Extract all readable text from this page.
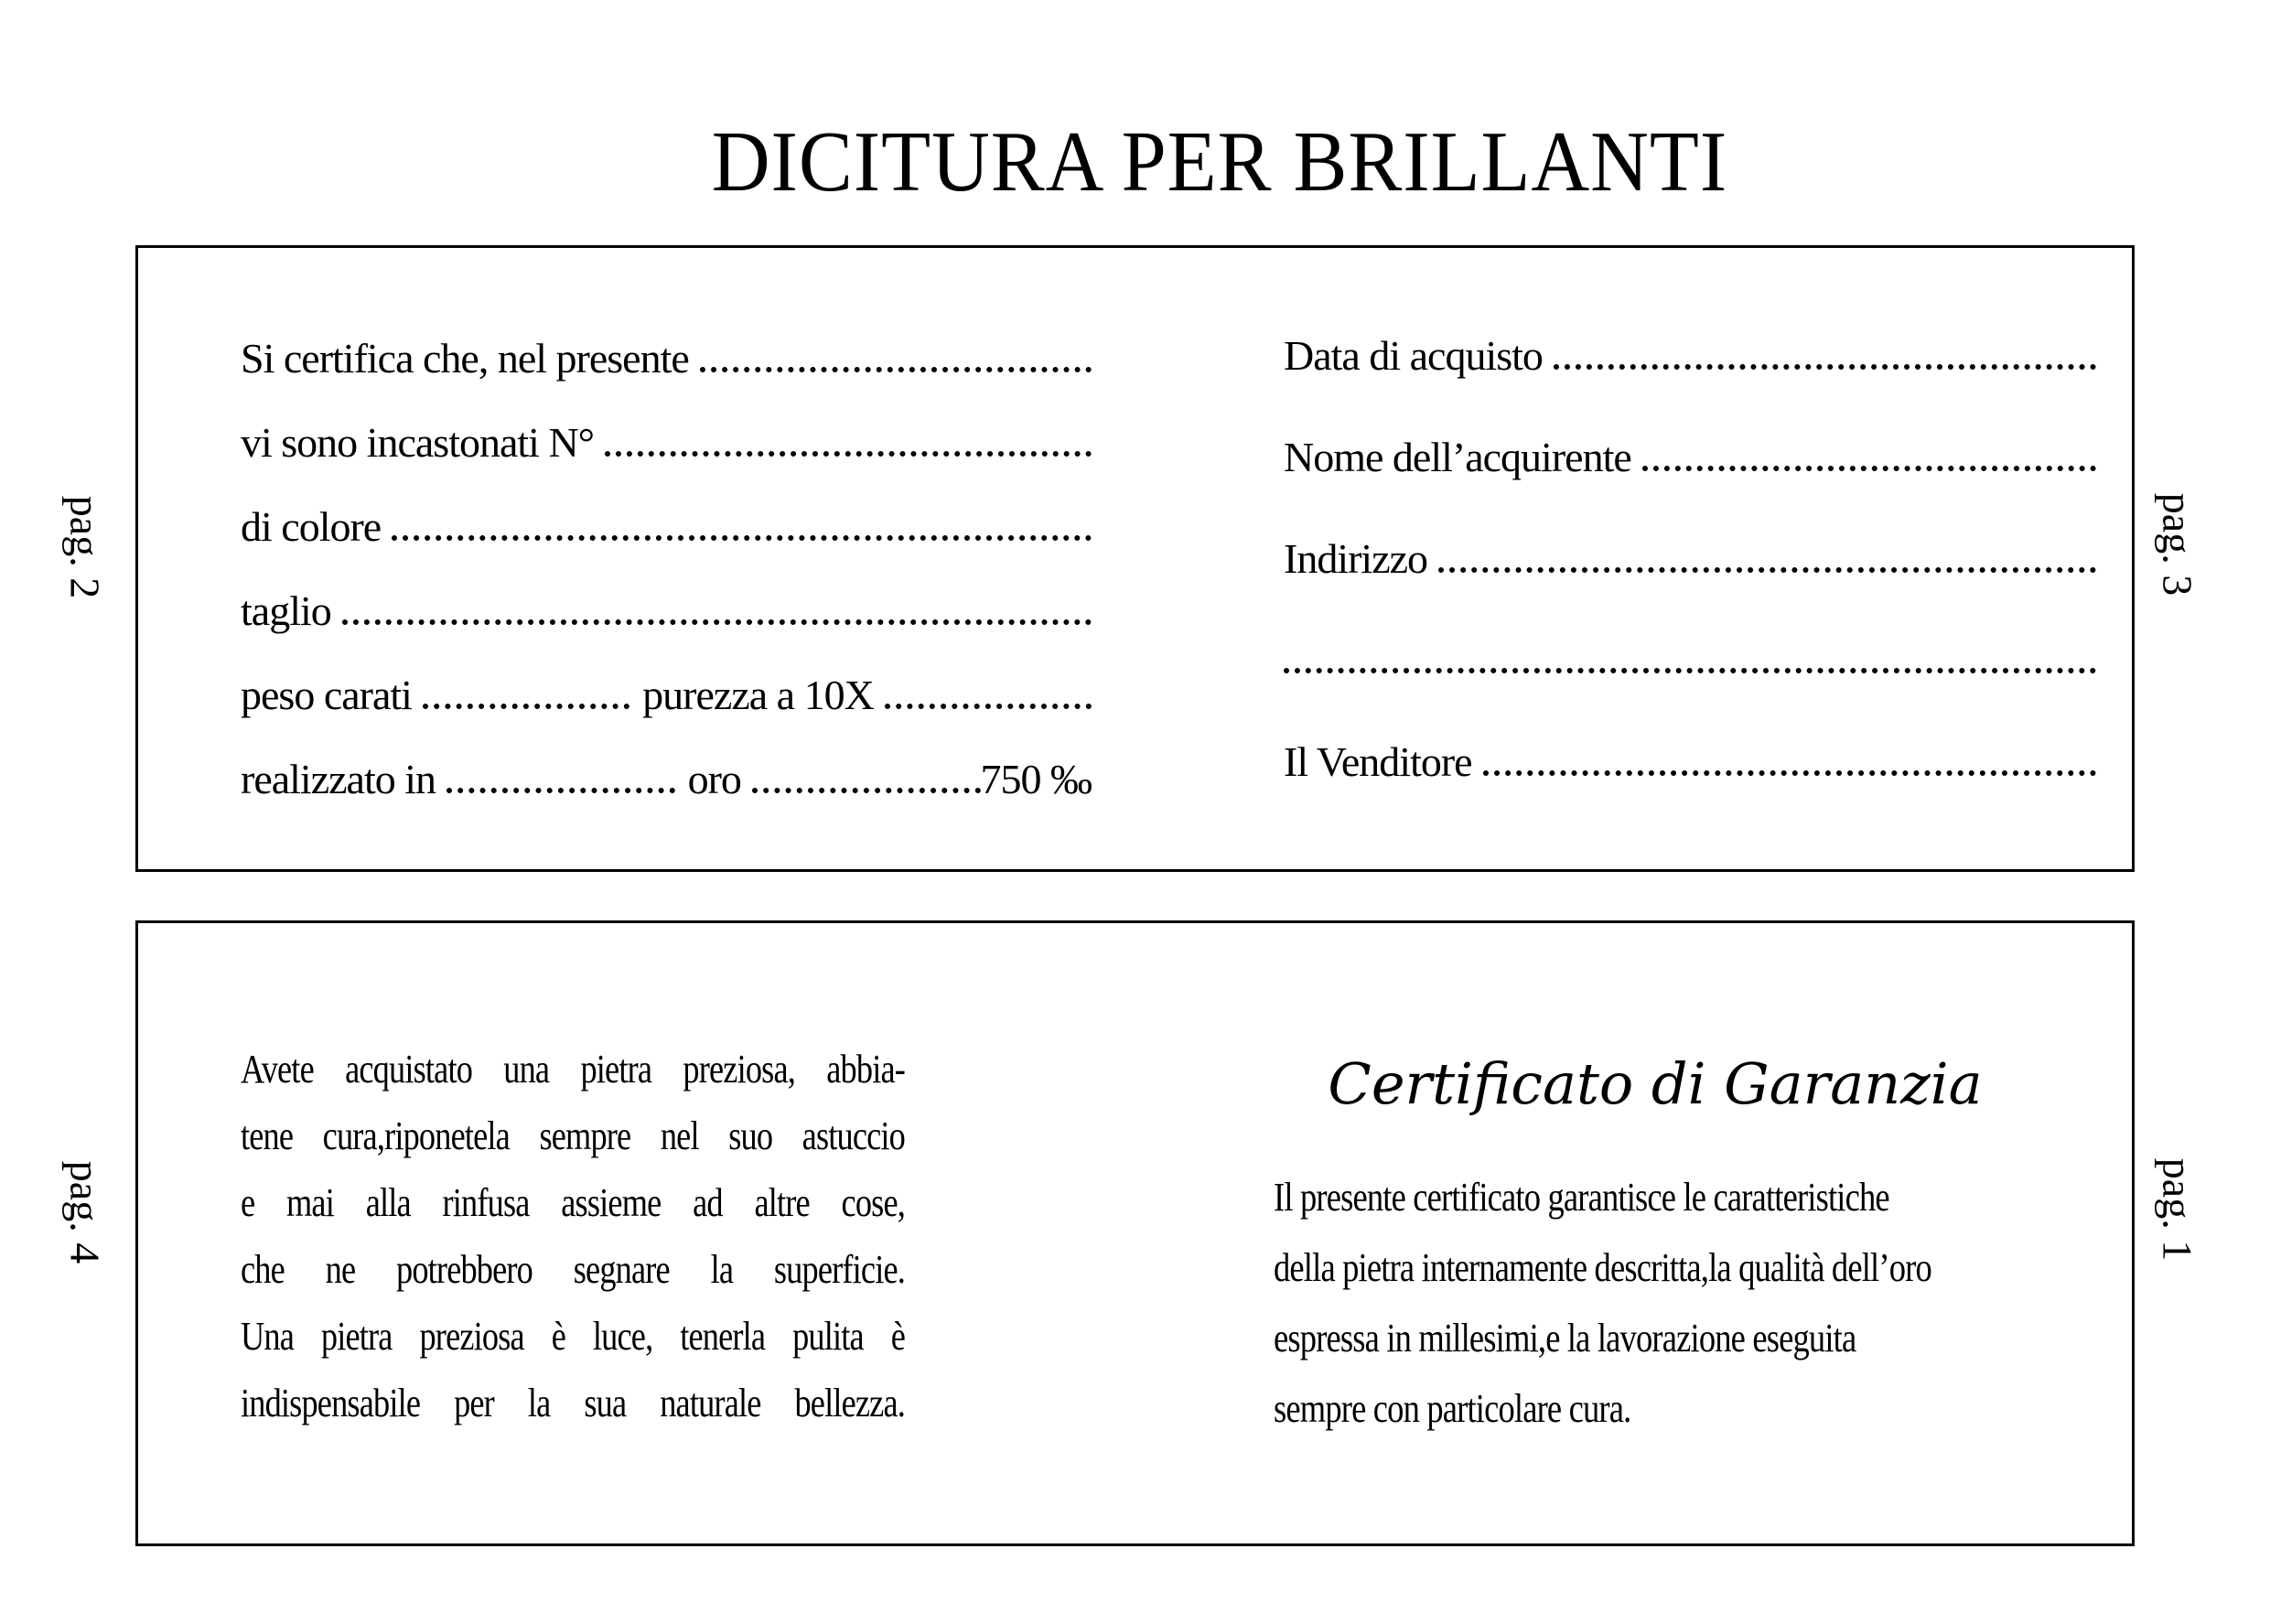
DICITURA PER BRILLANTI
pag. 2	pag. 3
pag. 4	pag. 1
Si certifica che, nel presente
vi sono incastonati N°
di colore
taglio
peso carati	purezza a 10X
realizzato in	oro	750 ‰
Data di acquisto
Nome dell’acquirente
Indirizzo
Il Venditore
Avete acquistato una pietra preziosa, abbia-
tene cura,riponetela sempre nel suo astuccio
e mai alla rinfusa assieme ad altre cose,
che ne potrebbero segnare la superficie.
Una pietra preziosa è luce, tenerla pulita è
indispensabile per la sua naturale bellezza.
Certificato di Garanzia
Il presente certificato garantisce le caratteristiche
della pietra internamente descritta,la qualità dell’oro
espressa in millesimi,e la lavorazione eseguita
sempre con particolare cura.
